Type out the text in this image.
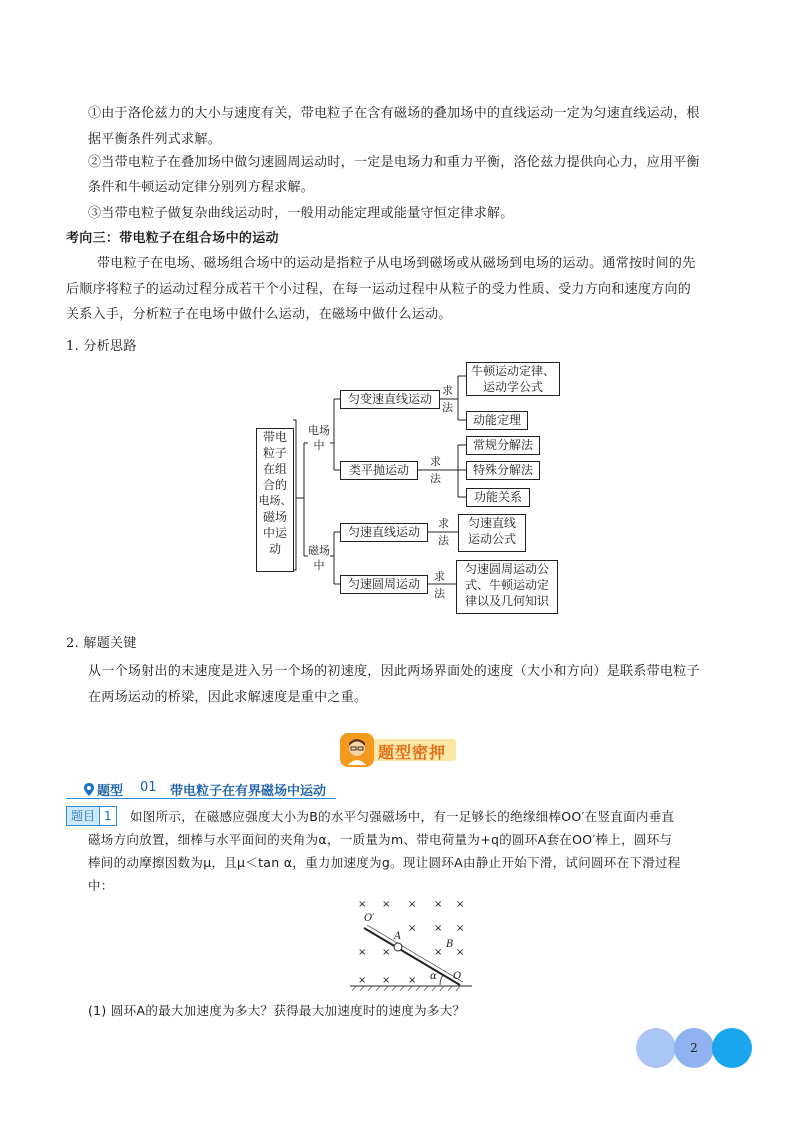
①由于洛伦兹力的大小与速度有关，带电粒子在含有磁场的叠加场中的直线运动一定为匀速直线运动，根
据平衡条件列式求解。
②当带电粒子在叠加场中做匀速圆周运动时，一定是电场力和重力平衡，洛伦兹力提供向心力，应用平衡
条件和牛顿运动定律分别列方程求解。
③当带电粒子做复杂曲线运动时，一般用动能定理或能量守恒定律求解。
考向三：带电粒子在组合场中的运动
带电粒子在电场、磁场组合场中的运动是指粒子从电场到磁场或从磁场到电场的运动。通常按时间的先
后顺序将粒子的运动过程分成若干个小过程，在每一运动过程中从粒子的受力性质、受力方向和速度方向的
关系入手，分析粒子在电场中做什么运动，在磁场中做什么运动。
1. 分析思路
带电
粒子
在组
合的
电场、
磁场
中运
动
电场
中
磁场
中
匀变速直线运动
类平抛运动
匀速直线运动
匀速圆周运动
求
法
求
法
求
法
求
法
牛顿运动定律、
运动学公式
动能定理
常规分解法
特殊分解法
功能关系
匀速直线
运动公式
匀速圆周运动公
式、牛顿运动定
律以及几何知识
2. 解题关键
从一个场射出的末速度是进入另一个场的初速度，因此两场界面处的速度（大小和方向）是联系带电粒子
在两场运动的桥梁，因此求解速度是重中之重。
题型密押
题型 01 带电粒子在有界磁场中运动
题目 1	如图所示，在磁感应强度大小为B的水平匀强磁场中，有一足够长的绝缘细棒OO′在竖直面内垂直
磁场方向放置，细棒与水平面间的夹角为α，一质量为m、带电荷量为+q的圆环A套在OO′棒上，圆环与
棒间的动摩擦因数为μ，且μ＜tan α，重力加速度为g。现让圆环A由静止开始下滑，试问圆环在下滑过程
中：
× × × × ×
× × ×
× ×	× ×
× × ×
O′
A
B
α O
(1) 圆环A的最大加速度为多大？获得最大加速度时的速度为多大？
2
